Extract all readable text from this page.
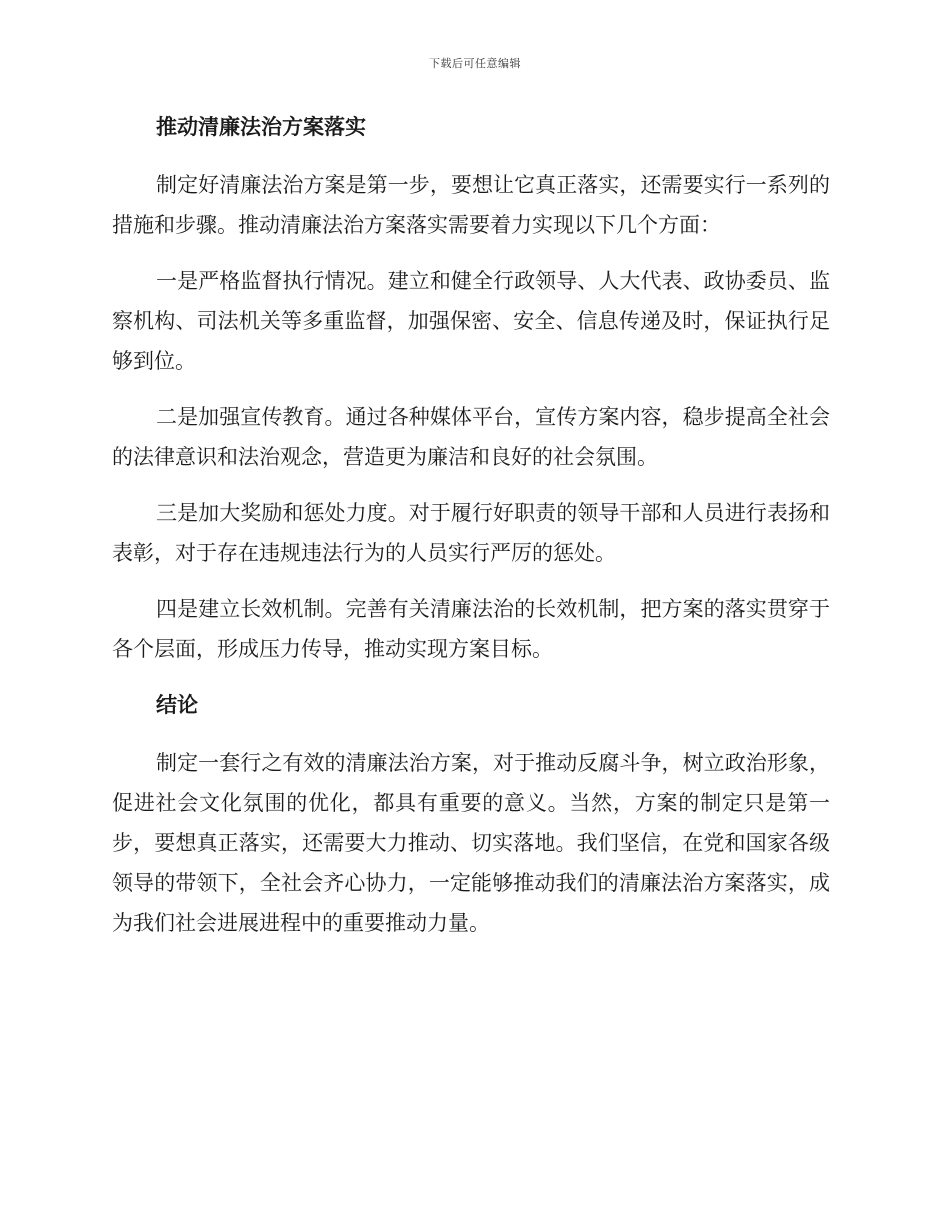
下载后可任意编辑
推动清廉法治方案落实

制定好清廉法治方案是第一步，要想让它真正落实，还需要实行一系列的措施和步骤。推动清廉法治方案落实需要着力实现以下几个方面：

一是严格监督执行情况。建立和健全行政领导、人大代表、政协委员、监察机构、司法机关等多重监督，加强保密、安全、信息传递及时，保证执行足够到位。

二是加强宣传教育。通过各种媒体平台，宣传方案内容，稳步提高全社会的法律意识和法治观念，营造更为廉洁和良好的社会氛围。

三是加大奖励和惩处力度。对于履行好职责的领导干部和人员进行表扬和表彰，对于存在违规违法行为的人员实行严厉的惩处。

四是建立长效机制。完善有关清廉法治的长效机制，把方案的落实贯穿于各个层面，形成压力传导，推动实现方案目标。

结论

制定一套行之有效的清廉法治方案，对于推动反腐斗争，树立政治形象，促进社会文化氛围的优化，都具有重要的意义。当然，方案的制定只是第一步，要想真正落实，还需要大力推动、切实落地。我们坚信，在党和国家各级领导的带领下，全社会齐心协力，一定能够推动我们的清廉法治方案落实，成为我们社会进展进程中的重要推动力量。
